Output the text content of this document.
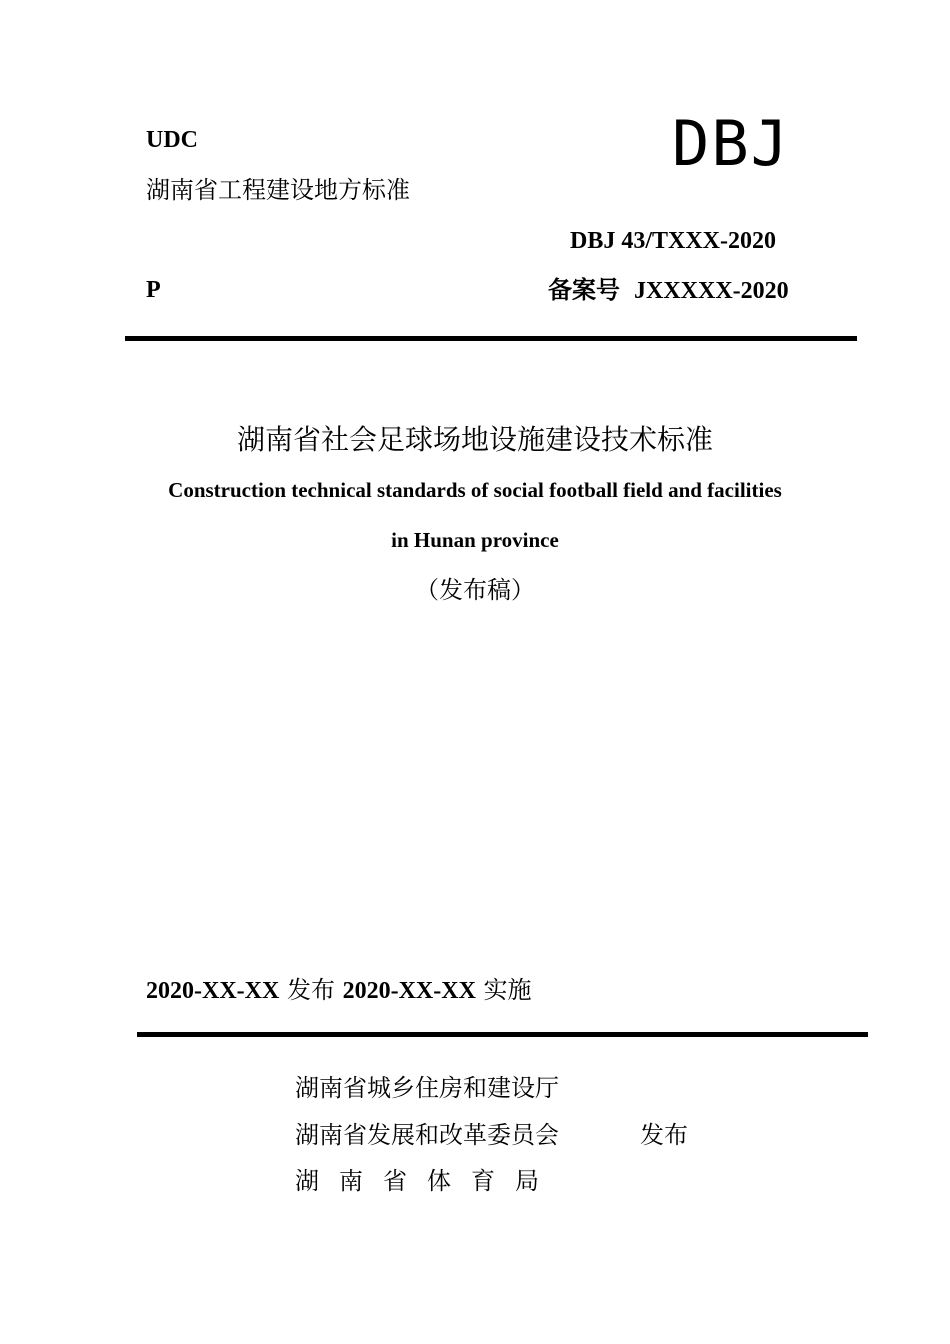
UDC
湖南省工程建设地方标准
DBJ
DBJ 43/TXXX-2020
P	备案号 JXXXXX-2020
湖南省社会足球场地设施建设技术标准
Construction technical standards of social football field and facilities
in Hunan province
（发布稿）
2020-XX-XX 发布 2020-XX-XX 实施
湖南省城乡住房和建设厅
湖南省发展和改革委员会	发布
湖南省体育局
